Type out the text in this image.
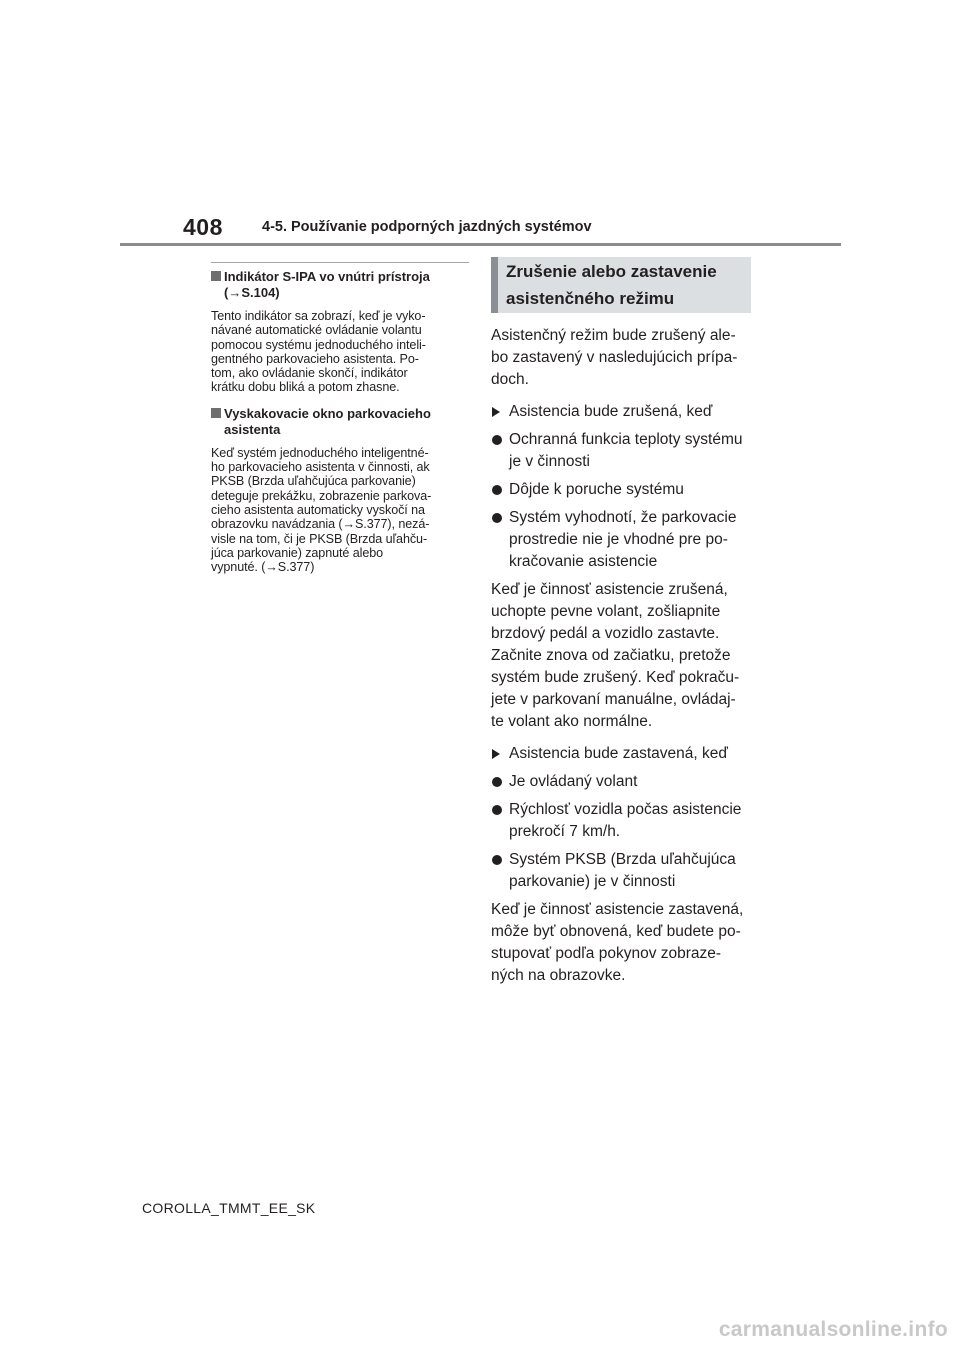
408	4-5. Používanie podporných jazdných systémov
Indikátor S-IPA vo vnútri prístroja
(→S.104)
Tento indikátor sa zobrazí, keď je vyko-
návané automatické ovládanie volantu
pomocou systému jednoduchého inteli-
gentného parkovacieho asistenta. Po-
tom, ako ovládanie skončí, indikátor
krátku dobu bliká a potom zhasne.
Vyskakovacie okno parkovacieho
asistenta
Keď systém jednoduchého inteligentné-
ho parkovacieho asistenta v činnosti, ak
PKSB (Brzda uľahčujúca parkovanie)
deteguje prekážku, zobrazenie parkova-
cieho asistenta automaticky vyskočí na
obrazovku navádzania (→S.377), nezá-
visle na tom, či je PKSB (Brzda uľahču-
júca parkovanie) zapnuté alebo
vypnuté. (→S.377)
Zrušenie alebo zastavenie
asistenčného režimu
Asistenčný režim bude zrušený ale-
bo zastavený v nasledujúcich prípa-
doch.
Asistencia bude zrušená, keď
Ochranná funkcia teploty systému
je v činnosti
Dôjde k poruche systému
Systém vyhodnotí, že parkovacie
prostredie nie je vhodné pre po-
kračovanie asistencie
Keď je činnosť asistencie zrušená,
uchopte pevne volant, zošliapnite
brzdový pedál a vozidlo zastavte.
Začnite znova od začiatku, pretože
systém bude zrušený. Keď pokraču-
jete v parkovaní manuálne, ovládaj-
te volant ako normálne.
Asistencia bude zastavená, keď
Je ovládaný volant
Rýchlosť vozidla počas asistencie
prekročí 7 km/h.
Systém PKSB (Brzda uľahčujúca
parkovanie) je v činnosti
Keď je činnosť asistencie zastavená,
môže byť obnovená, keď budete po-
stupovať podľa pokynov zobraze-
ných na obrazovke.
COROLLA_TMMT_EE_SK
carmanualsonline.info
